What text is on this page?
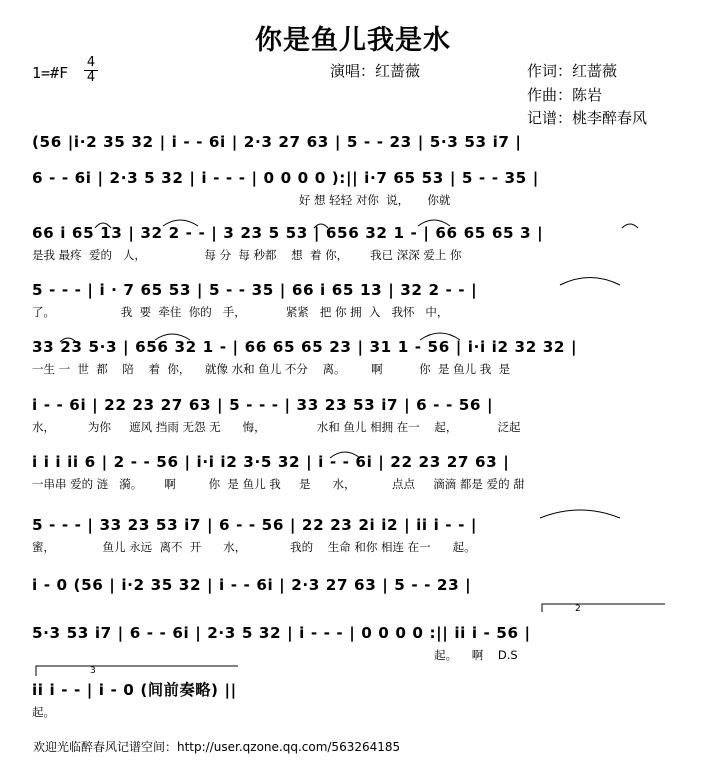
你是鱼儿我是水
1=#F
4
4	演唱：红蔷薇	作词：红蔷薇
作曲：陈岩
记谱：桃李醉春风
(56 |i·2 35 32 | i - - 6i | 2·3 27 63 | 5 - - 23 | 5·3 53 i7 |
6 - - 6i | 2·3 5 32 | i - - - | 0 0 0 0 ):|| i·7 65 53 | 5 - - 35 |
好 想 轻轻 对你  说，     你就
66 i 65 13 | 32 2 - - | 3 23 5 53 | 656 32 1 - | 66 65 65 3 |
是我 最疼  爱的   人，                每 分  每 秒都    想  着 你，      我已 深深 爱上 你
5 - - - | i · 7 65 53 | 5 - - 35 | 66 i 65 13 | 32 2 - - |
了。                  我  要  牵住  你的   手，           紧紧   把 你 拥  入   我怀   中，
33 23 5·3 | 656 32 1 - | 66 65 65 23 | 31 1 - 56 | i·i i2 32 32 |
一生 一  世  都    陪    着  你，    就像 水和 鱼儿 不分    离。       啊          你  是 鱼儿 我  是
i - - 6i | 22 23 27 63 | 5 - - - | 33 23 53 i7 | 6 - - 56 |
水，         为你     遮风 挡雨 无怨 无      悔，              水和 鱼儿 相拥 在一    起，           泛起
i i i ii 6 | 2 - - 56 | i·i i2 3·5 32 | i - - 6i | 22 23 27 63 |
一串串 爱的 涟   漪。      啊         你  是 鱼儿 我     是      水，          点点     滴滴 都是 爱的 甜
5 - - - | 33 23 53 i7 | 6 - - 56 | 22 23 2i i2 | ii i - - |
蜜，             鱼儿 永远  离不  开      水，            我的    生命 和你 相连 在一      起。
i - 0 (56 | i·2 35 32 | i - - 6i | 2·3 27 63 | 5 - - 23 |
5·3 53 i7 | 6 - - 6i | 2·3 5 32 | i - - - | 0 0 0 0 :|| ii i - 56 |
起。    啊    D.S
ii i - - | i - 0 (间前奏略) ||
起。
2
3
欢迎光临醉春风记谱空间：http://user.qzone.qq.com/563264185
